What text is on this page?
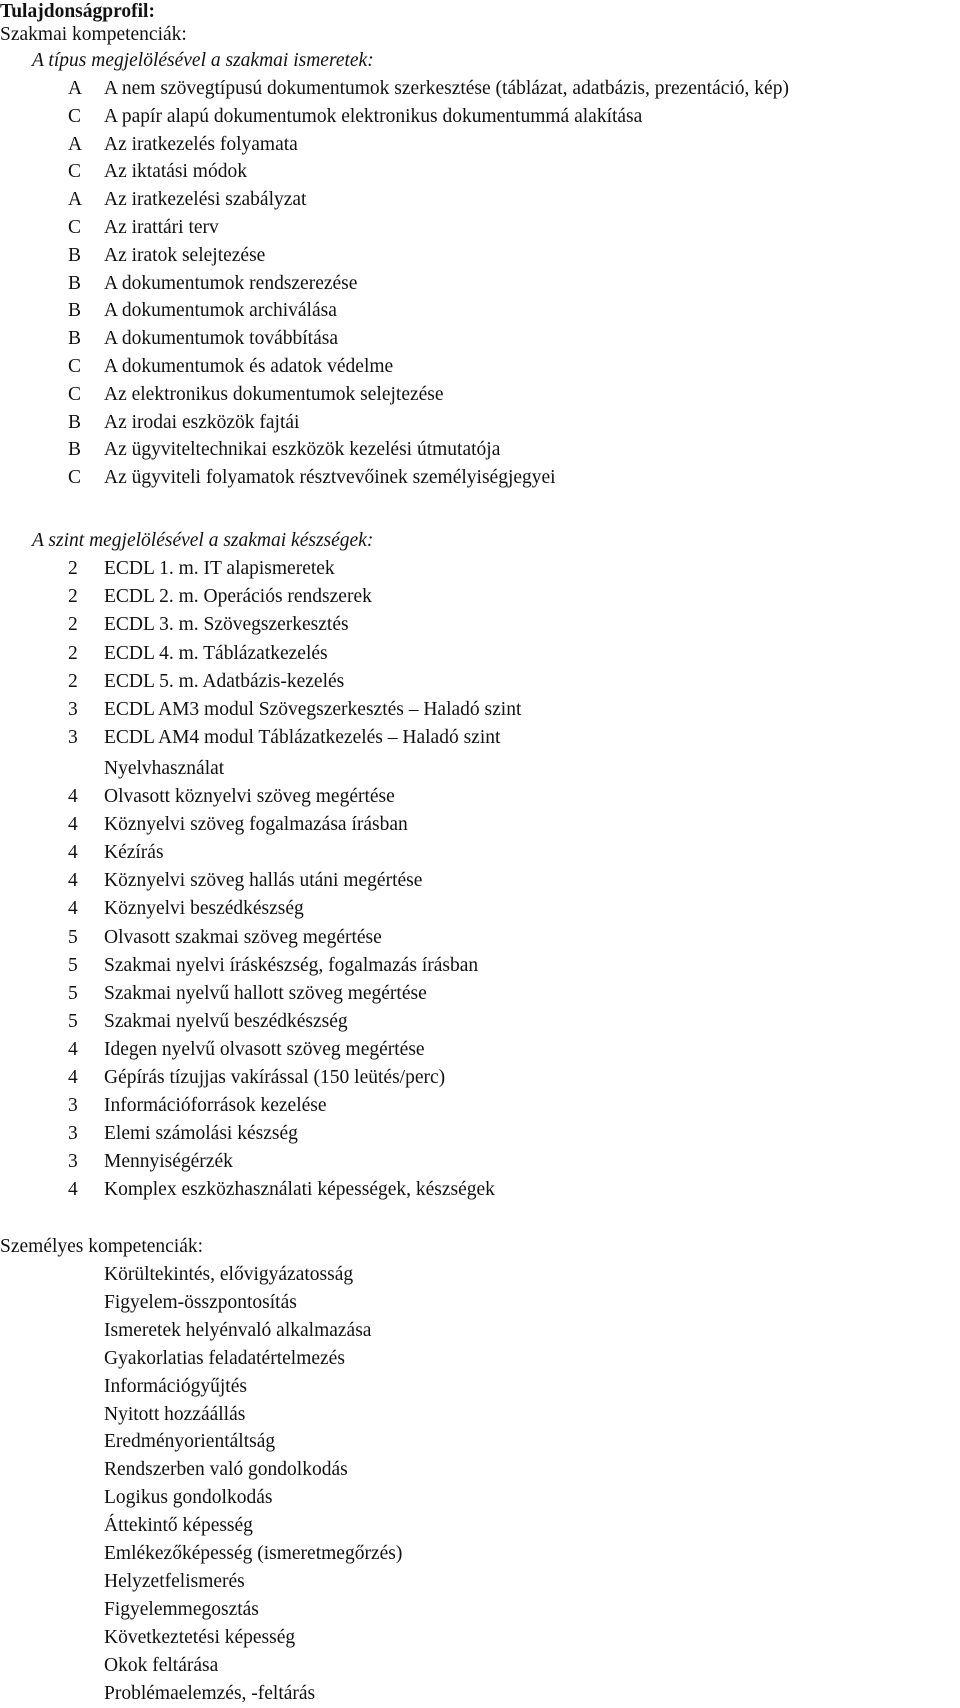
Tulajdonságprofil:
Szakmai kompetenciák:
A típus megjelölésével a szakmai ismeretek:
A	A nem szövegtípusú dokumentumok szerkesztése (táblázat, adatbázis, prezentáció, kép)
C	A papír alapú dokumentumok elektronikus dokumentummá alakítása
A	Az iratkezelés folyamata
C	Az iktatási módok
A	Az iratkezelési szabályzat
C	Az irattári terv
B	Az iratok selejtezése
B	A dokumentumok rendszerezése
B	A dokumentumok archiválása
B	A dokumentumok továbbítása
C	A dokumentumok és adatok védelme
C	Az elektronikus dokumentumok selejtezése
B	Az irodai eszközök fajtái
B	Az ügyviteltechnikai eszközök kezelési útmutatója
C	Az ügyviteli folyamatok résztvevőinek személyiségjegyei
A szint megjelölésével a szakmai készségek:
2	ECDL 1. m. IT alapismeretek
2	ECDL 2. m. Operációs rendszerek
2	ECDL 3. m. Szövegszerkesztés
2	ECDL 4. m. Táblázatkezelés
2	ECDL 5. m. Adatbázis-kezelés
3	ECDL AM3 modul Szövegszerkesztés – Haladó szint
3	ECDL AM4 modul Táblázatkezelés – Haladó szint
Nyelvhasználat
4	Olvasott köznyelvi szöveg megértése
4	Köznyelvi szöveg fogalmazása írásban
4	Kézírás
4	Köznyelvi szöveg hallás utáni megértése
4	Köznyelvi beszédkészség
5	Olvasott szakmai szöveg megértése
5	Szakmai nyelvi íráskészség, fogalmazás írásban
5	Szakmai nyelvű hallott szöveg megértése
5	Szakmai nyelvű beszédkészség
4	Idegen nyelvű olvasott szöveg megértése
4	Gépírás tízujjas vakírással (150 leütés/perc)
3	Információforrások kezelése
3	Elemi számolási készség
3	Mennyiségérzék
4	Komplex eszközhasználati képességek, készségek
Személyes kompetenciák:
Körültekintés, elővigyázatosság
Figyelem-összpontosítás
Ismeretek helyénvaló alkalmazása
Gyakorlatias feladatértelmezés
Információgyűjtés
Nyitott hozzáállás
Eredményorientáltság
Rendszerben való gondolkodás
Logikus gondolkodás
Áttekintő képesség
Emlékezőképesség (ismeretmegőrzés)
Helyzetfelismerés
Figyelemmegosztás
Következtetési képesség
Okok feltárása
Problémaelemzés, -feltárás
